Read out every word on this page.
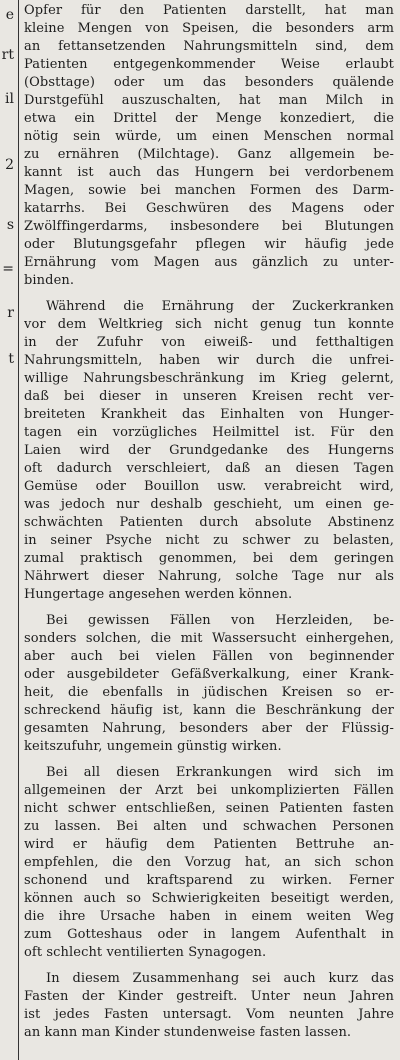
e
rt
il
2
s
=
r
t
Opfer für den Patienten darstellt, hat man
kleine Mengen von Speisen, die besonders arm
an fettansetzenden Nahrungsmitteln sind, dem
Patienten entgegenkommender Weise erlaubt
(Obsttage) oder um das besonders quälende
Durstgefühl auszuschalten, hat man Milch in
etwa ein Drittel der Menge konzediert, die
nötig sein würde, um einen Menschen normal
zu ernähren (Milchtage). Ganz allgemein be-
kannt ist auch das Hungern bei verdorbenem
Magen, sowie bei manchen Formen des Darm-
katarrhs. Bei Geschwüren des Magens oder
Zwölffingerdarms, insbesondere bei Blutungen
oder Blutungsgefahr pflegen wir häufig jede
Ernährung vom Magen aus gänzlich zu unter-
binden.
Während die Ernährung der Zuckerkranken
vor dem Weltkrieg sich nicht genug tun konnte
in der Zufuhr von eiweiß- und fetthaltigen
Nahrungsmitteln, haben wir durch die unfrei-
willige Nahrungsbeschränkung im Krieg gelernt,
daß bei dieser in unseren Kreisen recht ver-
breiteten Krankheit das Einhalten von Hunger-
tagen ein vorzügliches Heilmittel ist. Für den
Laien wird der Grundgedanke des Hungerns
oft dadurch verschleiert, daß an diesen Tagen
Gemüse oder Bouillon usw. verabreicht wird,
was jedoch nur deshalb geschieht, um einen ge-
schwächten Patienten durch absolute Abstinenz
in seiner Psyche nicht zu schwer zu belasten,
zumal praktisch genommen, bei dem geringen
Nährwert dieser Nahrung, solche Tage nur als
Hungertage angesehen werden können.
Bei gewissen Fällen von Herzleiden, be-
sonders solchen, die mit Wassersucht einhergehen,
aber auch bei vielen Fällen von beginnender
oder ausgebildeter Gefäßverkalkung, einer Krank-
heit, die ebenfalls in jüdischen Kreisen so er-
schreckend häufig ist, kann die Beschränkung der
gesamten Nahrung, besonders aber der Flüssig-
keitszufuhr, ungemein günstig wirken.
Bei all diesen Erkrankungen wird sich im
allgemeinen der Arzt bei unkomplizierten Fällen
nicht schwer entschließen, seinen Patienten fasten
zu lassen. Bei alten und schwachen Personen
wird er häufig dem Patienten Bettruhe an-
empfehlen, die den Vorzug hat, an sich schon
schonend und kraftsparend zu wirken. Ferner
können auch so Schwierigkeiten beseitigt werden,
die ihre Ursache haben in einem weiten Weg
zum Gotteshaus oder in langem Aufenthalt in
oft schlecht ventilierten Synagogen.
In diesem Zusammenhang sei auch kurz das
Fasten der Kinder gestreift. Unter neun Jahren
ist jedes Fasten untersagt. Vom neunten Jahre
an kann man Kinder stundenweise fasten lassen.
